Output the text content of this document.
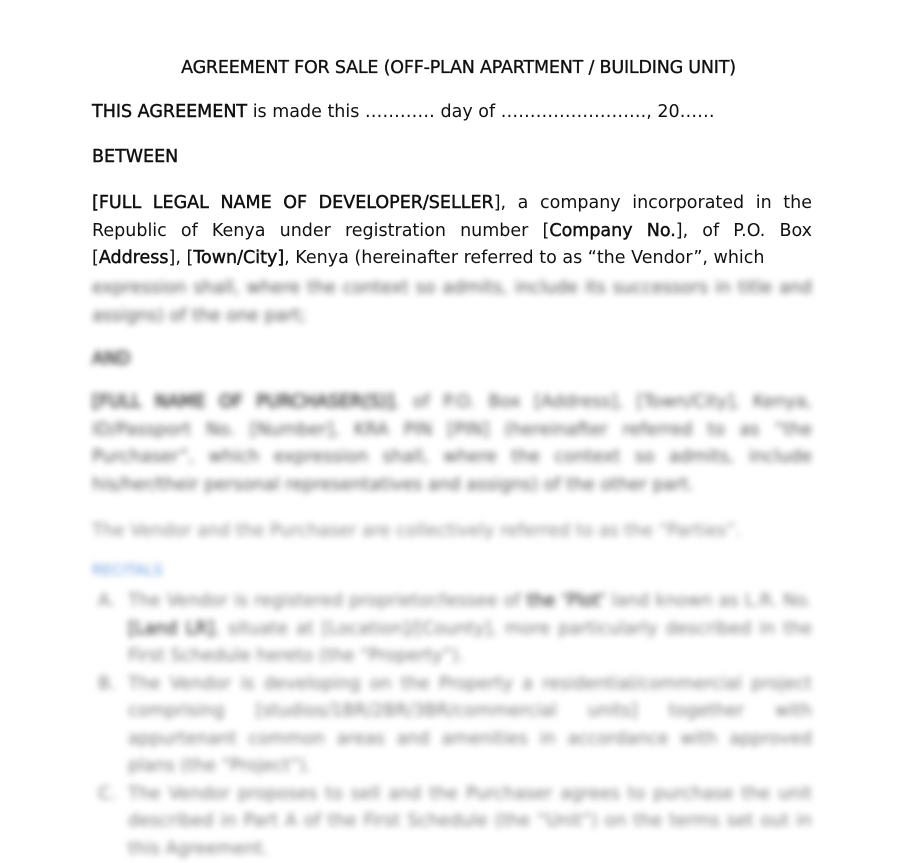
AGREEMENT FOR SALE (OFF-PLAN APARTMENT / BUILDING UNIT)
THIS AGREEMENT is made this ………… day of ……………………., 20……
BETWEEN
[FULL LEGAL NAME OF DEVELOPER/SELLER], a company incorporated in the Republic of Kenya under registration number [Company No.], of P.O. Box [Address], [Town/City], Kenya (hereinafter referred to as “the Vendor”, which
expression shall, where the context so admits, include its successors in title and assigns) of the one part;
AND
[FULL NAME OF PURCHASER(S)], of P.O. Box [Address], [Town/City], Kenya, ID/Passport No. [Number], KRA PIN [PIN] (hereinafter referred to as “the Purchaser”, which expression shall, where the context so admits, include his/her/their personal representatives and assigns) of the other part.
The Vendor and the Purchaser are collectively referred to as the “Parties”.
RECITALS
A. The Vendor is registered proprietor/lessee of the ‘Plot’ land known as L.R. No. [Land LR], situate at [Location]/[County], more particularly described in the First Schedule hereto (the “Property”).
B. The Vendor is developing on the Property a residential/commercial project comprising [studios/1BR/2BR/3BR/commercial units] together with appurtenant common areas and amenities in accordance with approved plans (the “Project”).
C. The Vendor proposes to sell and the Purchaser agrees to purchase the unit described in Part A of the First Schedule (the “Unit”) on the terms set out in this Agreement.
